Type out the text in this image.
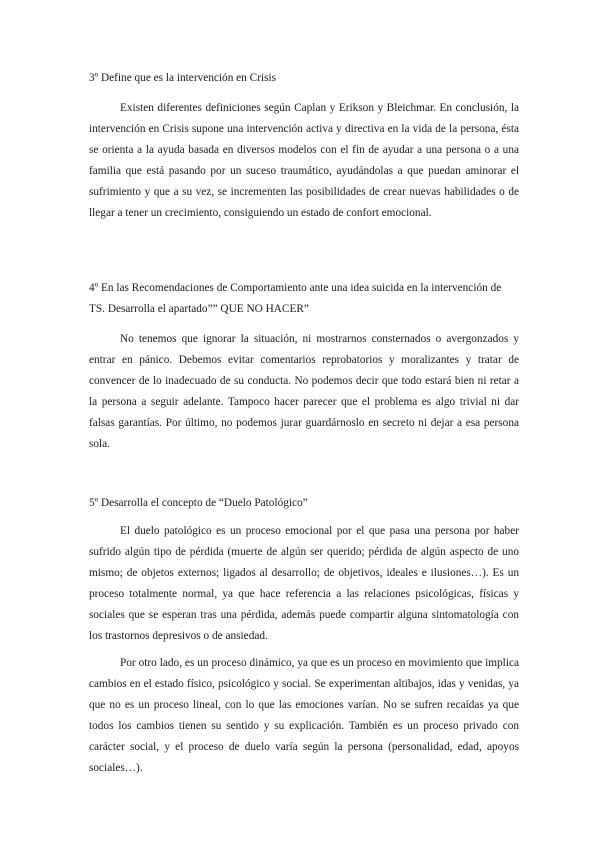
3º Define que es la intervención en Crisis

Existen diferentes definiciones según Caplan y Erikson y Bleichmar. En conclusión, la intervención en Crisis supone una intervención activa y directiva en la vida de la persona, ésta se orienta a la ayuda basada en diversos modelos con el fin de ayudar a una persona o a una familia que está pasando por un suceso traumático, ayudándolas a que puedan aminorar el sufrimiento y que a su vez, se incrementen las posibilidades de crear nuevas habilidades o de llegar a tener un crecimiento, consiguiendo un estado de confort emocional.

4º En las Recomendaciones de Comportamiento ante una idea suicida en la intervención de TS. Desarrolla el apartado”” QUE NO HACER”

No tenemos que ignorar la situación, ni mostrarnos consternados o avergonzados y entrar en pánico. Debemos evitar comentarios reprobatorios y moralizantes y tratar de convencer de lo inadecuado de su conducta. No podemos decir que todo estará bien ni retar a la persona a seguir adelante. Tampoco hacer parecer que el problema es algo trivial ni dar falsas garantías. Por último, no podemos jurar guardárnoslo en secreto ni dejar a esa persona sola.

5º Desarrolla el concepto de “Duelo Patológico”

El duelo patológico es un proceso emocional por el que pasa una persona por haber sufrido algún tipo de pérdida (muerte de algún ser querido; pérdida de algún aspecto de uno mismo; de objetos externos; ligados al desarrollo; de objetivos, ideales e ilusiones…). Es un proceso totalmente normal, ya que hace referencia a las relaciones psicológicas, físicas y sociales que se esperan tras una pérdida, además puede compartir alguna sintomatología con los trastornos depresivos o de ansiedad.

Por otro lado, es un proceso dinámico, ya que es un proceso en movimiento que implica cambios en el estado físico, psicológico y social. Se experimentan altibajos, idas y venidas, ya que no es un proceso lineal, con lo que las emociones varían. No se sufren recaídas ya que todos los cambios tienen su sentido y su explicación. También es un proceso privado con carácter social, y el proceso de duelo varía según la persona (personalidad, edad, apoyos sociales…).
